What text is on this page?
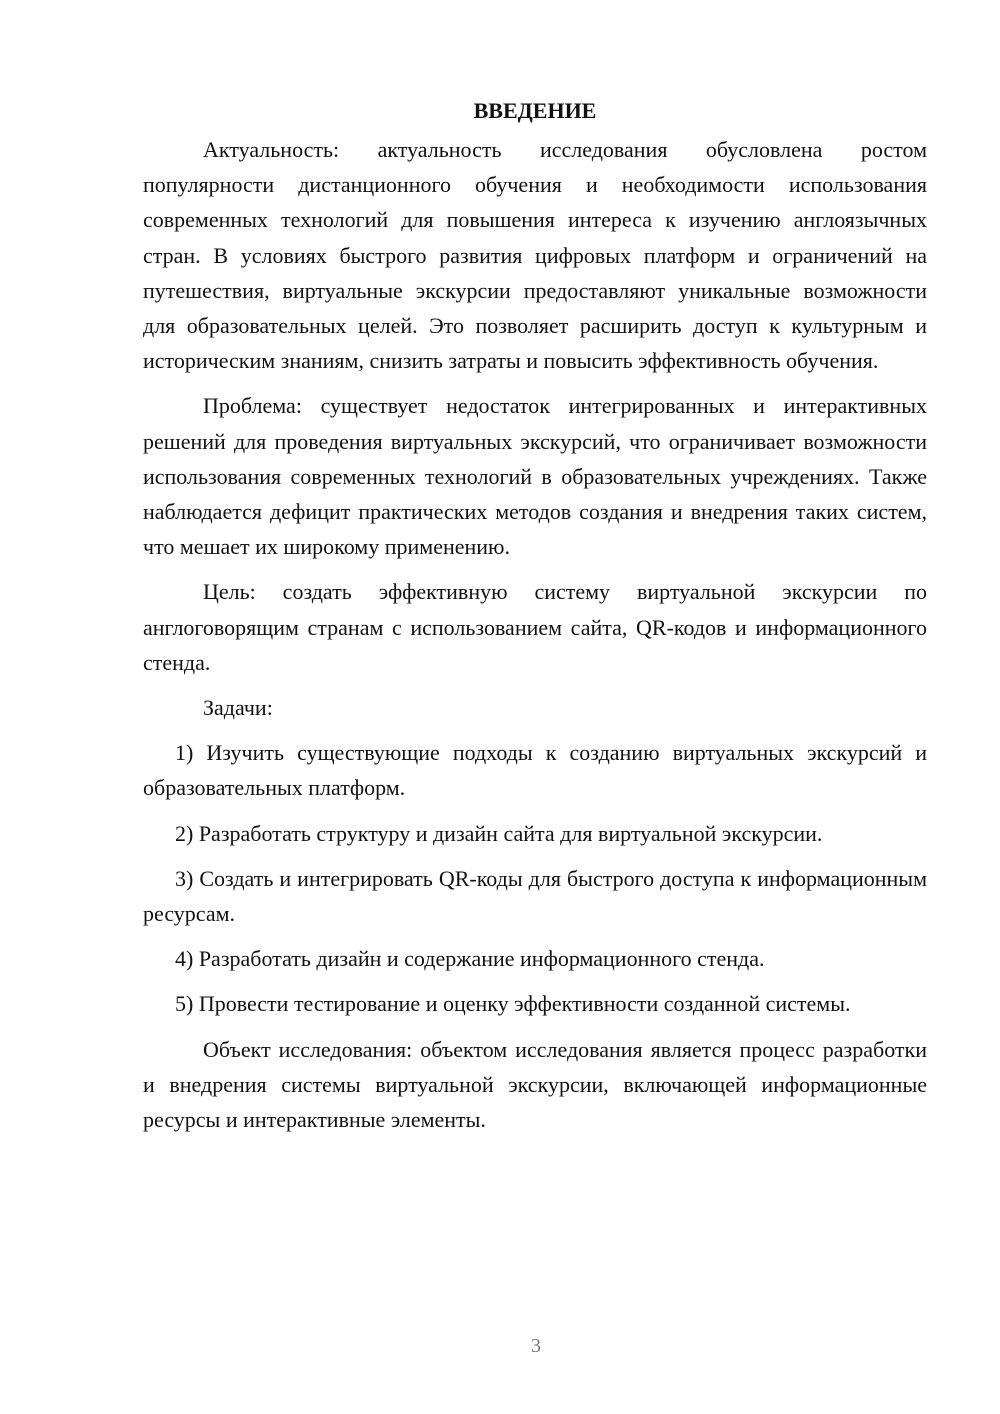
ВВЕДЕНИЕ

Актуальность: актуальность исследования обусловлена ростом популярности дистанционного обучения и необходимости использования современных технологий для повышения интереса к изучению англоязычных стран. В условиях быстрого развития цифровых платформ и ограничений на путешествия, виртуальные экскурсии предоставляют уникальные возможности для образовательных целей. Это позволяет расширить доступ к культурным и историческим знаниям, снизить затраты и повысить эффективность обучения.

Проблема: существует недостаток интегрированных и интерактивных решений для проведения виртуальных экскурсий, что ограничивает возможности использования современных технологий в образовательных учреждениях. Также наблюдается дефицит практических методов создания и внедрения таких систем, что мешает их широкому применению.

Цель: создать эффективную систему виртуальной экскурсии по англоговорящим странам с использованием сайта, QR-кодов и информационного стенда.

Задачи:

1) Изучить существующие подходы к созданию виртуальных экскурсий и образовательных платформ.

2) Разработать структуру и дизайн сайта для виртуальной экскурсии.

3) Создать и интегрировать QR-коды для быстрого доступа к информационным ресурсам.

4) Разработать дизайн и содержание информационного стенда.

5) Провести тестирование и оценку эффективности созданной системы.

Объект исследования: объектом исследования является процесс разработки и внедрения системы виртуальной экскурсии, включающей информационные ресурсы и интерактивные элементы.

3
